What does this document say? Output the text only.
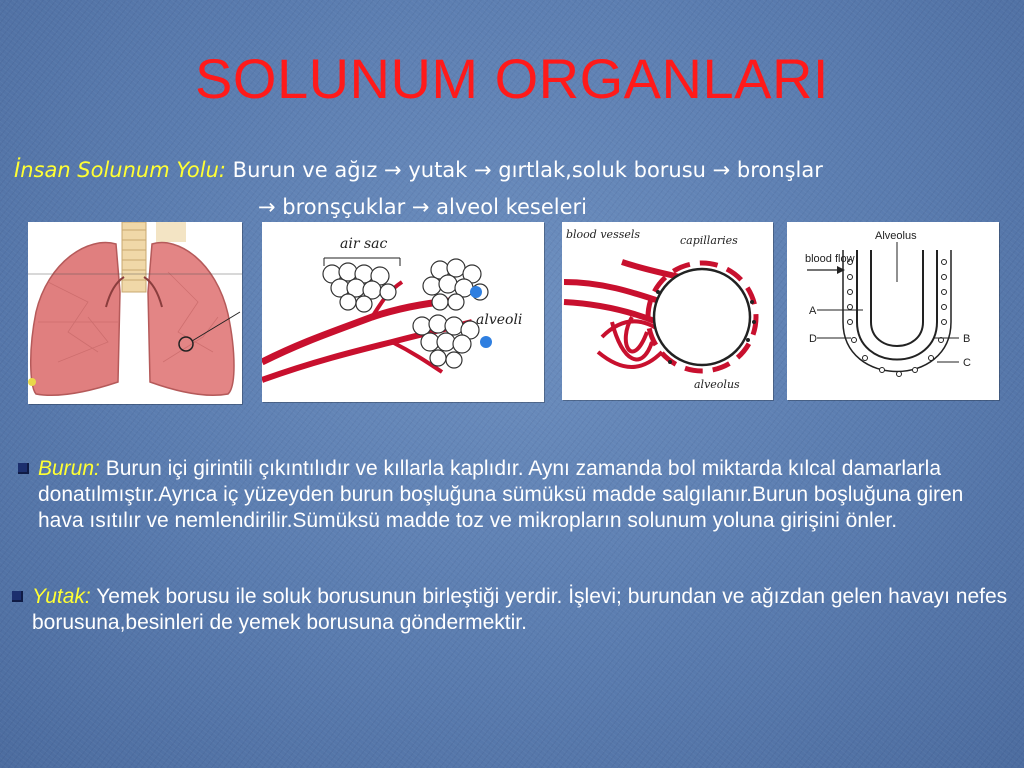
SOLUNUM ORGANLARI
İnsan Solunum Yolu: Burun ve ağız → yutak → gırtlak,soluk borusu → bronşlar
→ bronşçuklar → alveol keseleri
air sac
alveoli
blood vessels	capillaries
alveolus
Alveolus
blood flow
A
D	B
C

Burun: Burun içi girintili çıkıntılıdır ve kıllarla kaplıdır. Aynı zamanda bol miktarda kılcal damarlarla donatılmıştır.Ayrıca iç yüzeyden burun boşluğuna sümüksü madde salgılanır.Burun boşluğuna giren hava ısıtılır ve nemlendirilir.Sümüksü madde toz ve mikropların solunum yoluna girişini önler.

Yutak: Yemek borusu ile soluk borusunun birleştiği yerdir. İşlevi; burundan ve ağızdan gelen havayı nefes borusuna,besinleri de yemek borusuna göndermektir.
